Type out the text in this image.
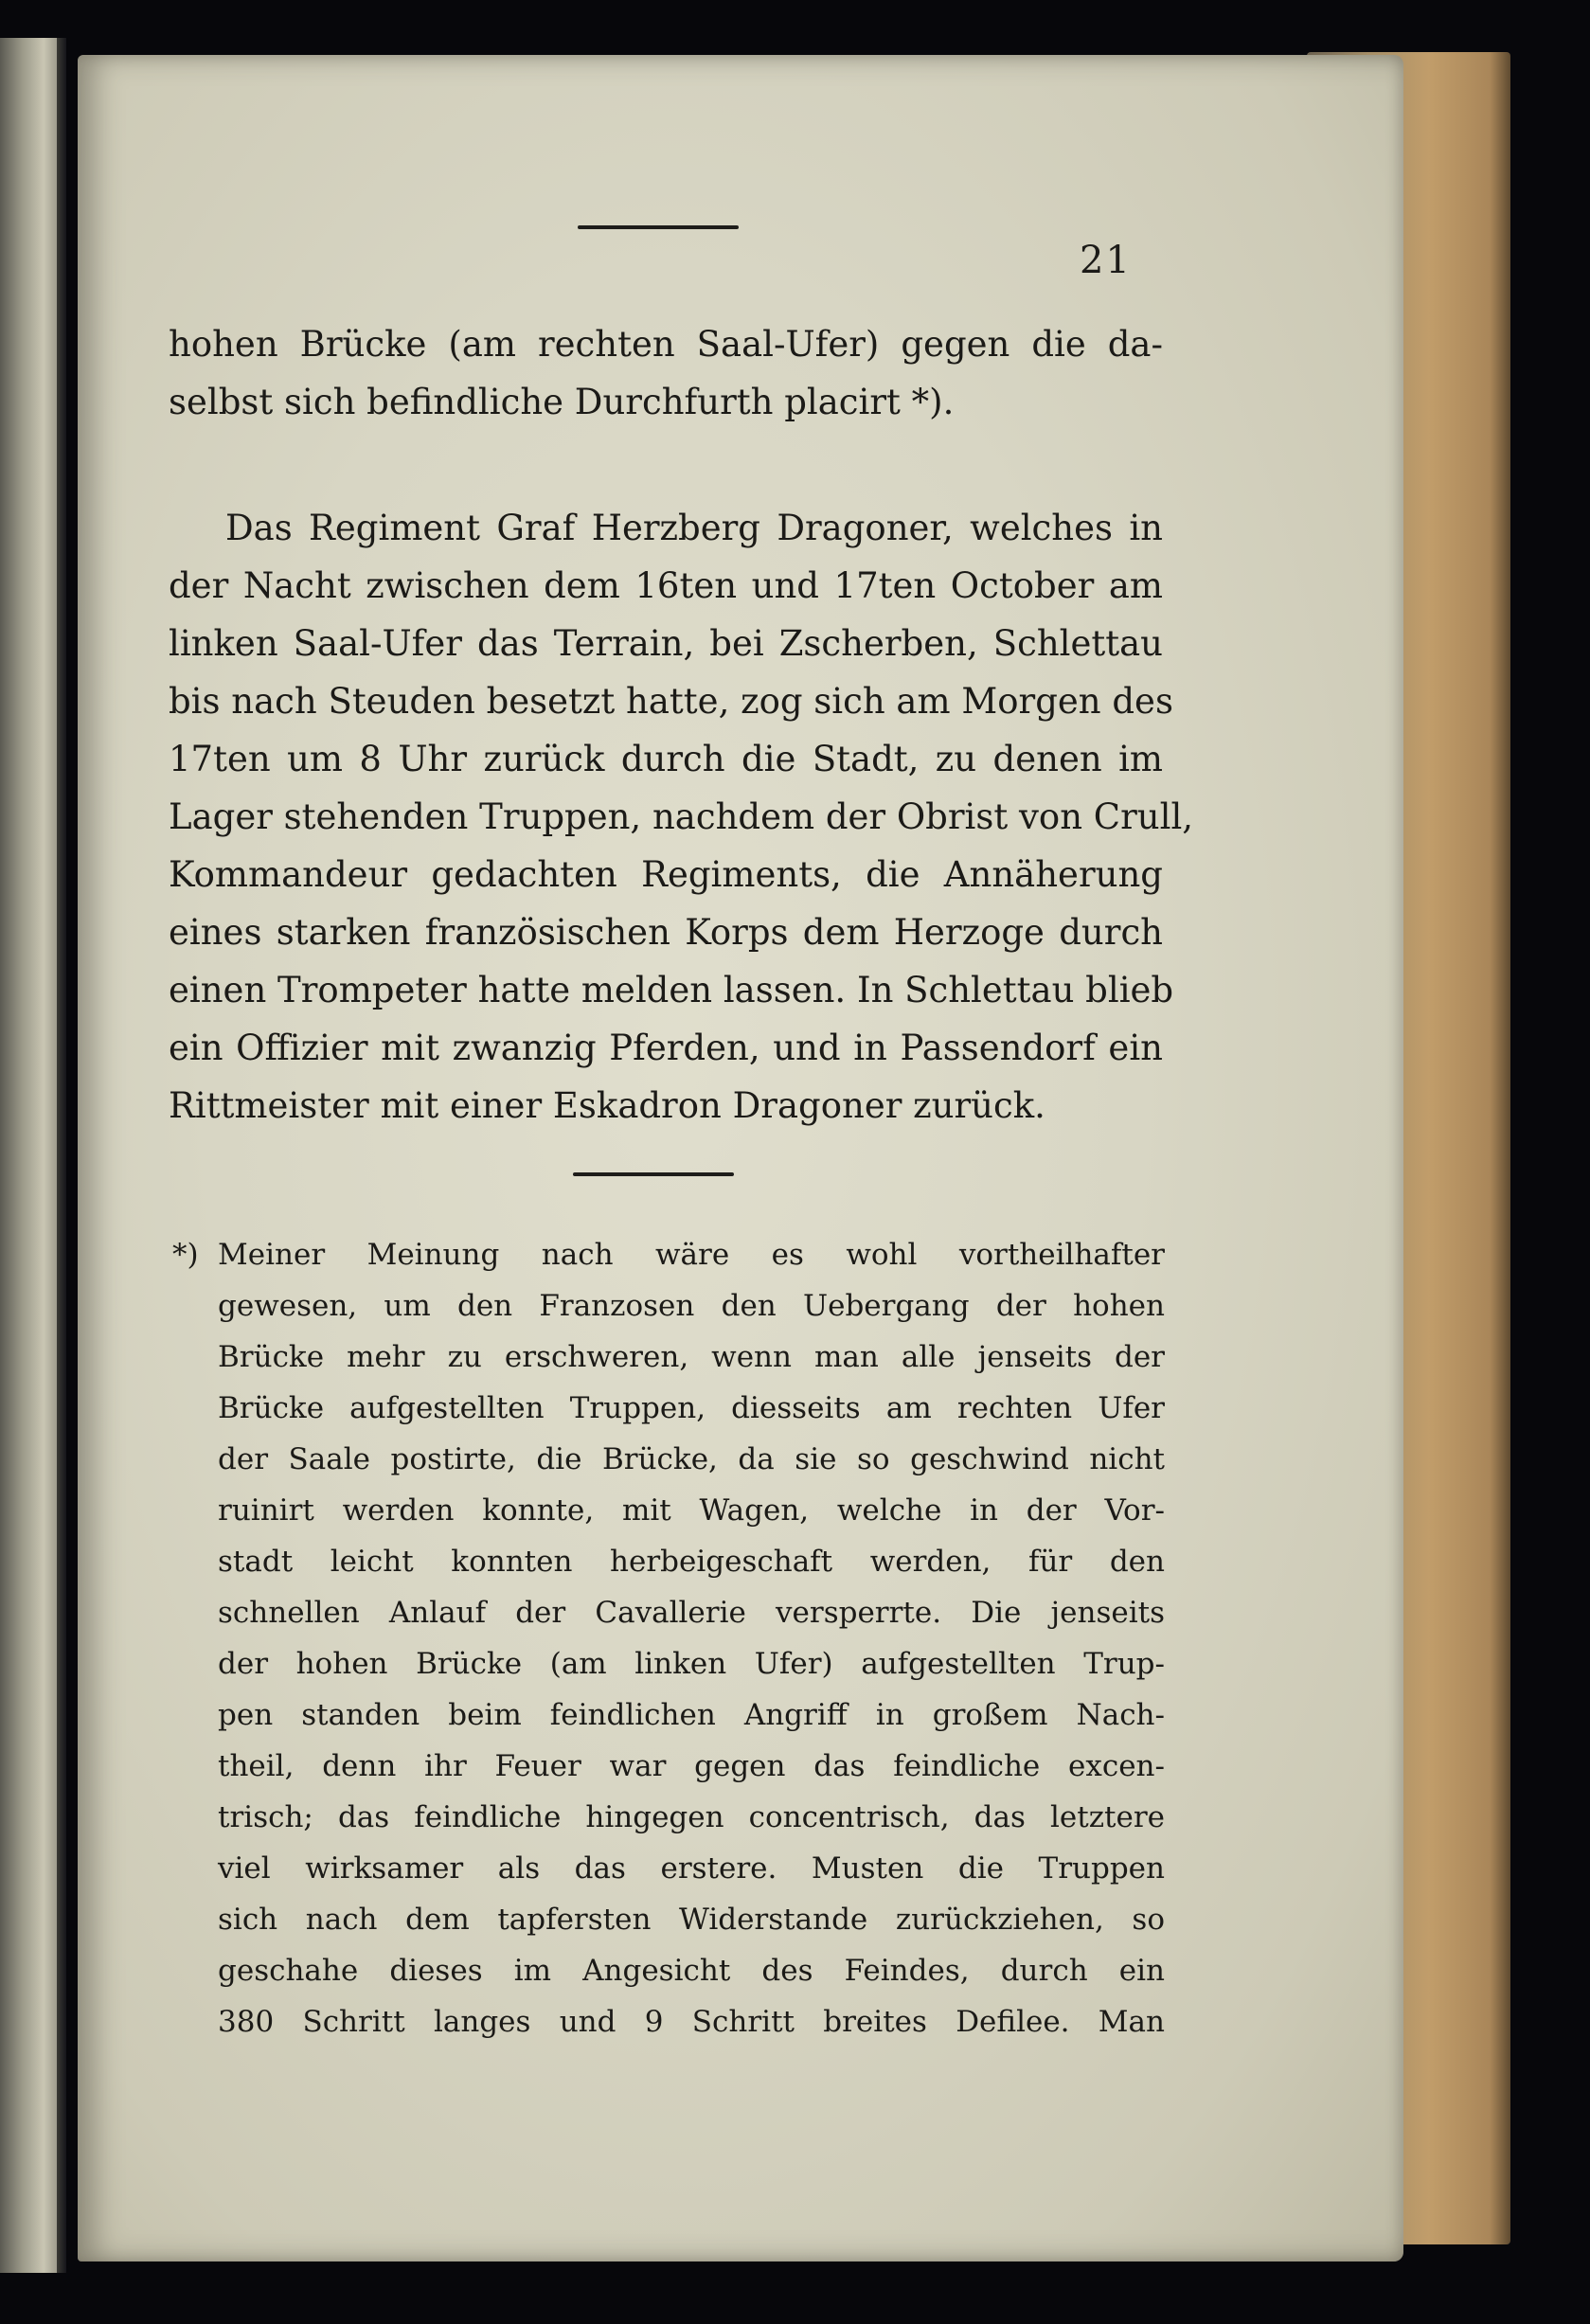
21
hohen Brücke (am rechten Saal-Ufer) gegen die da-
selbst sich befindliche Durchfurth placirt *).
Das Regiment Graf Herzberg Dragoner, welches in
der Nacht zwischen dem 16ten und 17ten October am
linken Saal-Ufer das Terrain, bei Zscherben, Schlettau
bis nach Steuden besetzt hatte, zog sich am Morgen des
17ten um 8 Uhr zurück durch die Stadt, zu denen im
Lager stehenden Truppen, nachdem der Obrist von Crull,
Kommandeur gedachten Regiments, die Annäherung
eines starken französischen Korps dem Herzoge durch
einen Trompeter hatte melden lassen. In Schlettau blieb
ein Offizier mit zwanzig Pferden, und in Passendorf ein
Rittmeister mit einer Eskadron Dragoner zurück.
*) Meiner Meinung nach wäre es wohl vortheilhafter
gewesen, um den Franzosen den Uebergang der hohen
Brücke mehr zu erschweren, wenn man alle jenseits der
Brücke aufgestellten Truppen, diesseits am rechten Ufer
der Saale postirte, die Brücke, da sie so geschwind nicht
ruinirt werden konnte, mit Wagen, welche in der Vor-
stadt leicht konnten herbeigeschaft werden, für den
schnellen Anlauf der Cavallerie versperrte. Die jenseits
der hohen Brücke (am linken Ufer) aufgestellten Trup-
pen standen beim feindlichen Angriff in großem Nach-
theil, denn ihr Feuer war gegen das feindliche excen-
trisch; das feindliche hingegen concentrisch, das letztere
viel wirksamer als das erstere. Musten die Truppen
sich nach dem tapfersten Widerstande zurückziehen, so
geschahe dieses im Angesicht des Feindes, durch ein
380 Schritt langes und 9 Schritt breites Defilee. Man
